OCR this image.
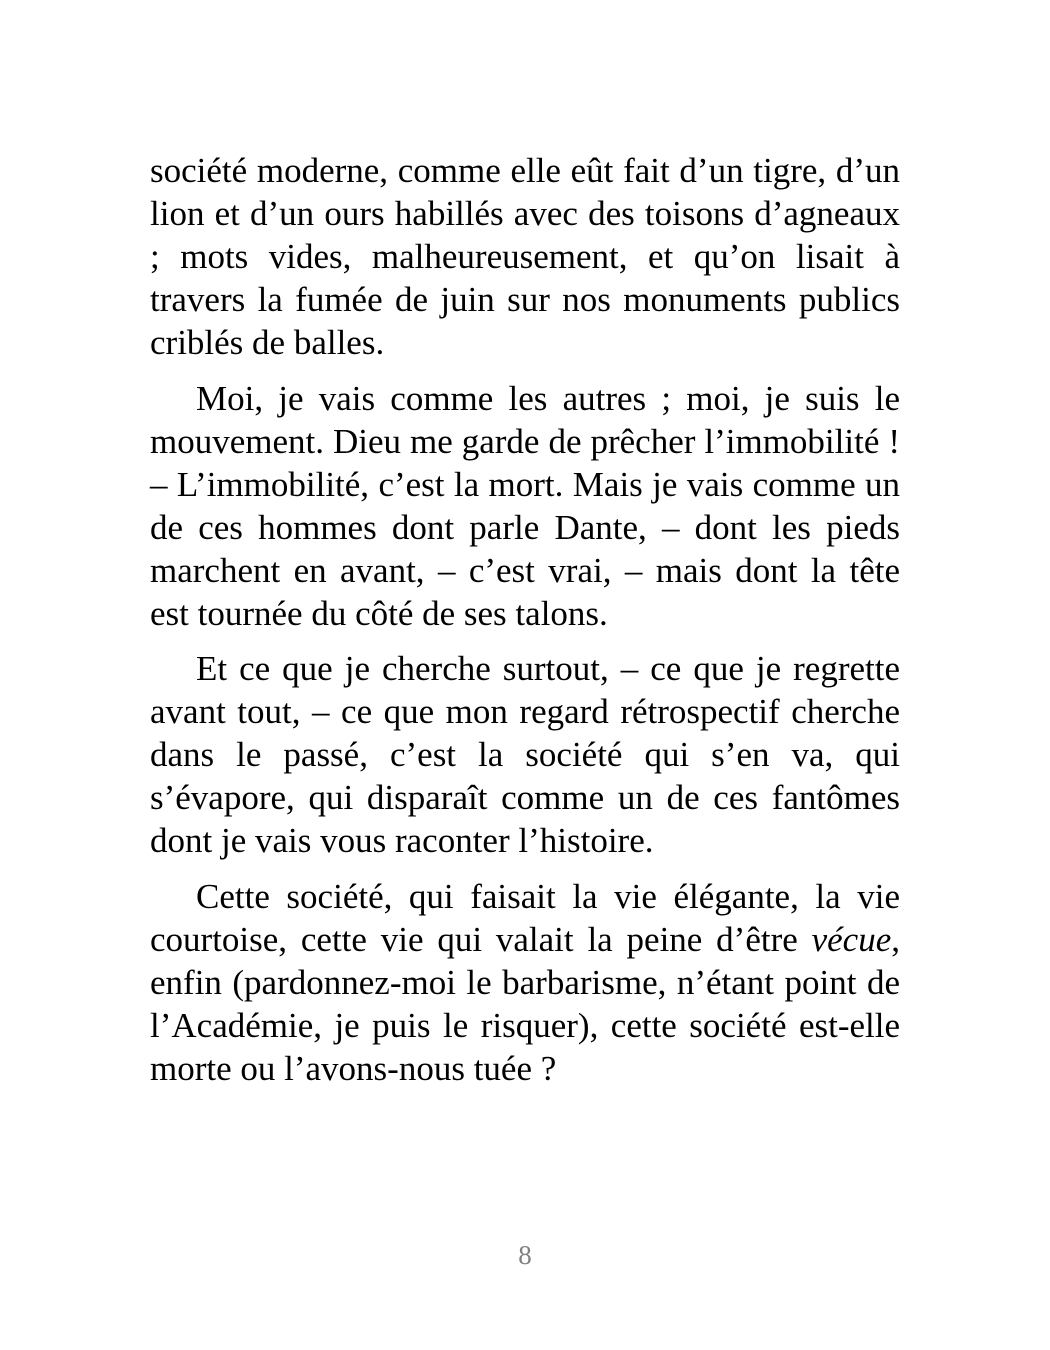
société moderne, comme elle eût fait d’un tigre, d’un lion et d’un ours habillés avec des toisons d’agneaux ; mots vides, malheureusement, et qu’on lisait à travers la fumée de juin sur nos monuments publics criblés de balles.

Moi, je vais comme les autres ; moi, je suis le mouvement. Dieu me garde de prêcher l’immobilité ! – L’immobilité, c’est la mort. Mais je vais comme un de ces hommes dont parle Dante, – dont les pieds marchent en avant, – c’est vrai, – mais dont la tête est tournée du côté de ses talons.

Et ce que je cherche surtout, – ce que je regrette avant tout, – ce que mon regard rétrospectif cherche dans le passé, c’est la société qui s’en va, qui s’évapore, qui disparaît comme un de ces fantômes dont je vais vous raconter l’histoire.

Cette société, qui faisait la vie élégante, la vie courtoise, cette vie qui valait la peine d’être vécue, enfin (pardonnez-moi le barbarisme, n’étant point de l’Académie, je puis le risquer), cette société est-elle morte ou l’avons-nous tuée ?

8
